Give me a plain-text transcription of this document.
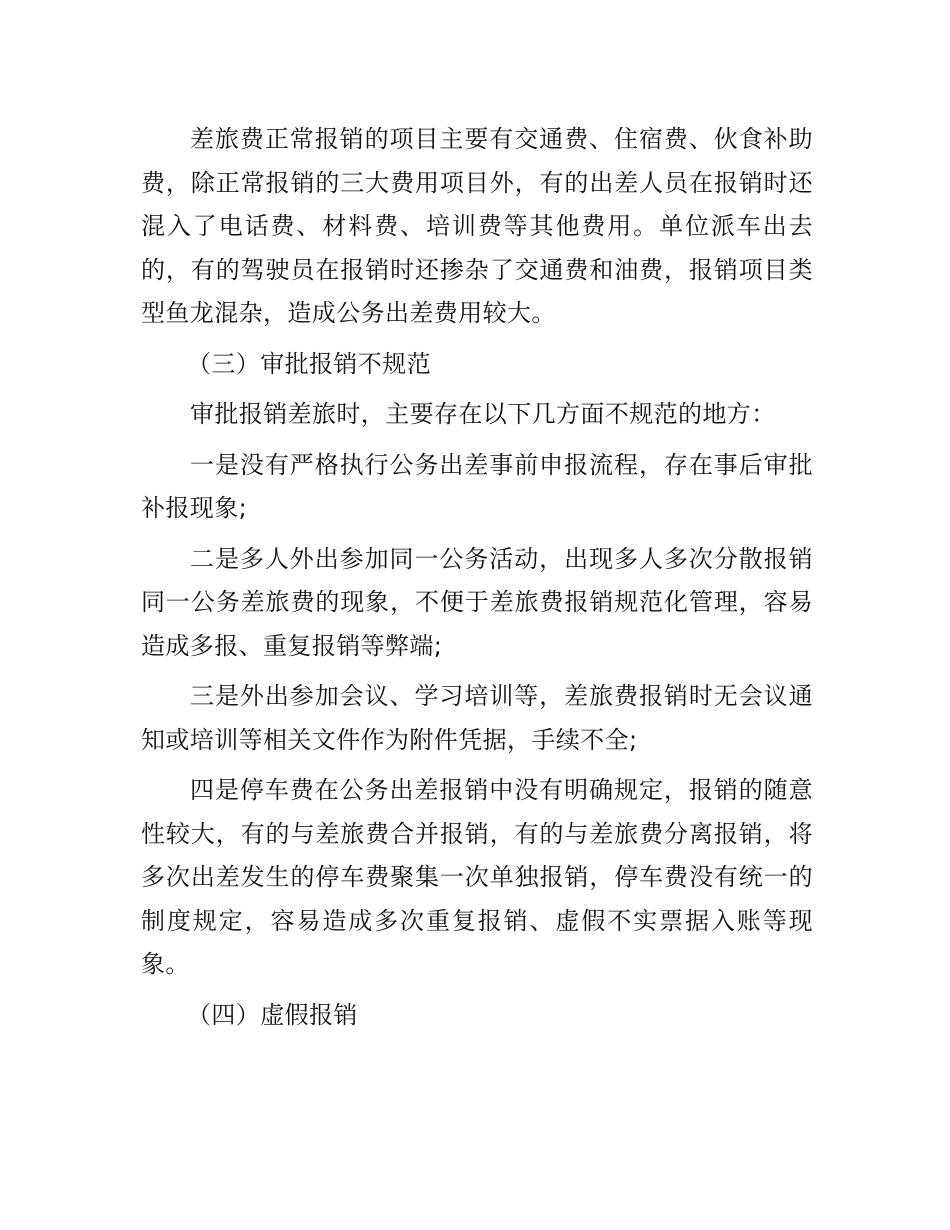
差旅费正常报销的项目主要有交通费、住宿费、伙食补助费，除正常报销的三大费用项目外，有的出差人员在报销时还混入了电话费、材料费、培训费等其他费用。单位派车出去的，有的驾驶员在报销时还掺杂了交通费和油费，报销项目类型鱼龙混杂，造成公务出差费用较大。

（三）审批报销不规范

审批报销差旅时，主要存在以下几方面不规范的地方：

一是没有严格执行公务出差事前申报流程，存在事后审批补报现象;

二是多人外出参加同一公务活动，出现多人多次分散报销同一公务差旅费的现象，不便于差旅费报销规范化管理，容易造成多报、重复报销等弊端;

三是外出参加会议、学习培训等，差旅费报销时无会议通知或培训等相关文件作为附件凭据，手续不全;

四是停车费在公务出差报销中没有明确规定，报销的随意性较大，有的与差旅费合并报销，有的与差旅费分离报销，将多次出差发生的停车费聚集一次单独报销，停车费没有统一的制度规定，容易造成多次重复报销、虚假不实票据入账等现象。

（四）虚假报销
